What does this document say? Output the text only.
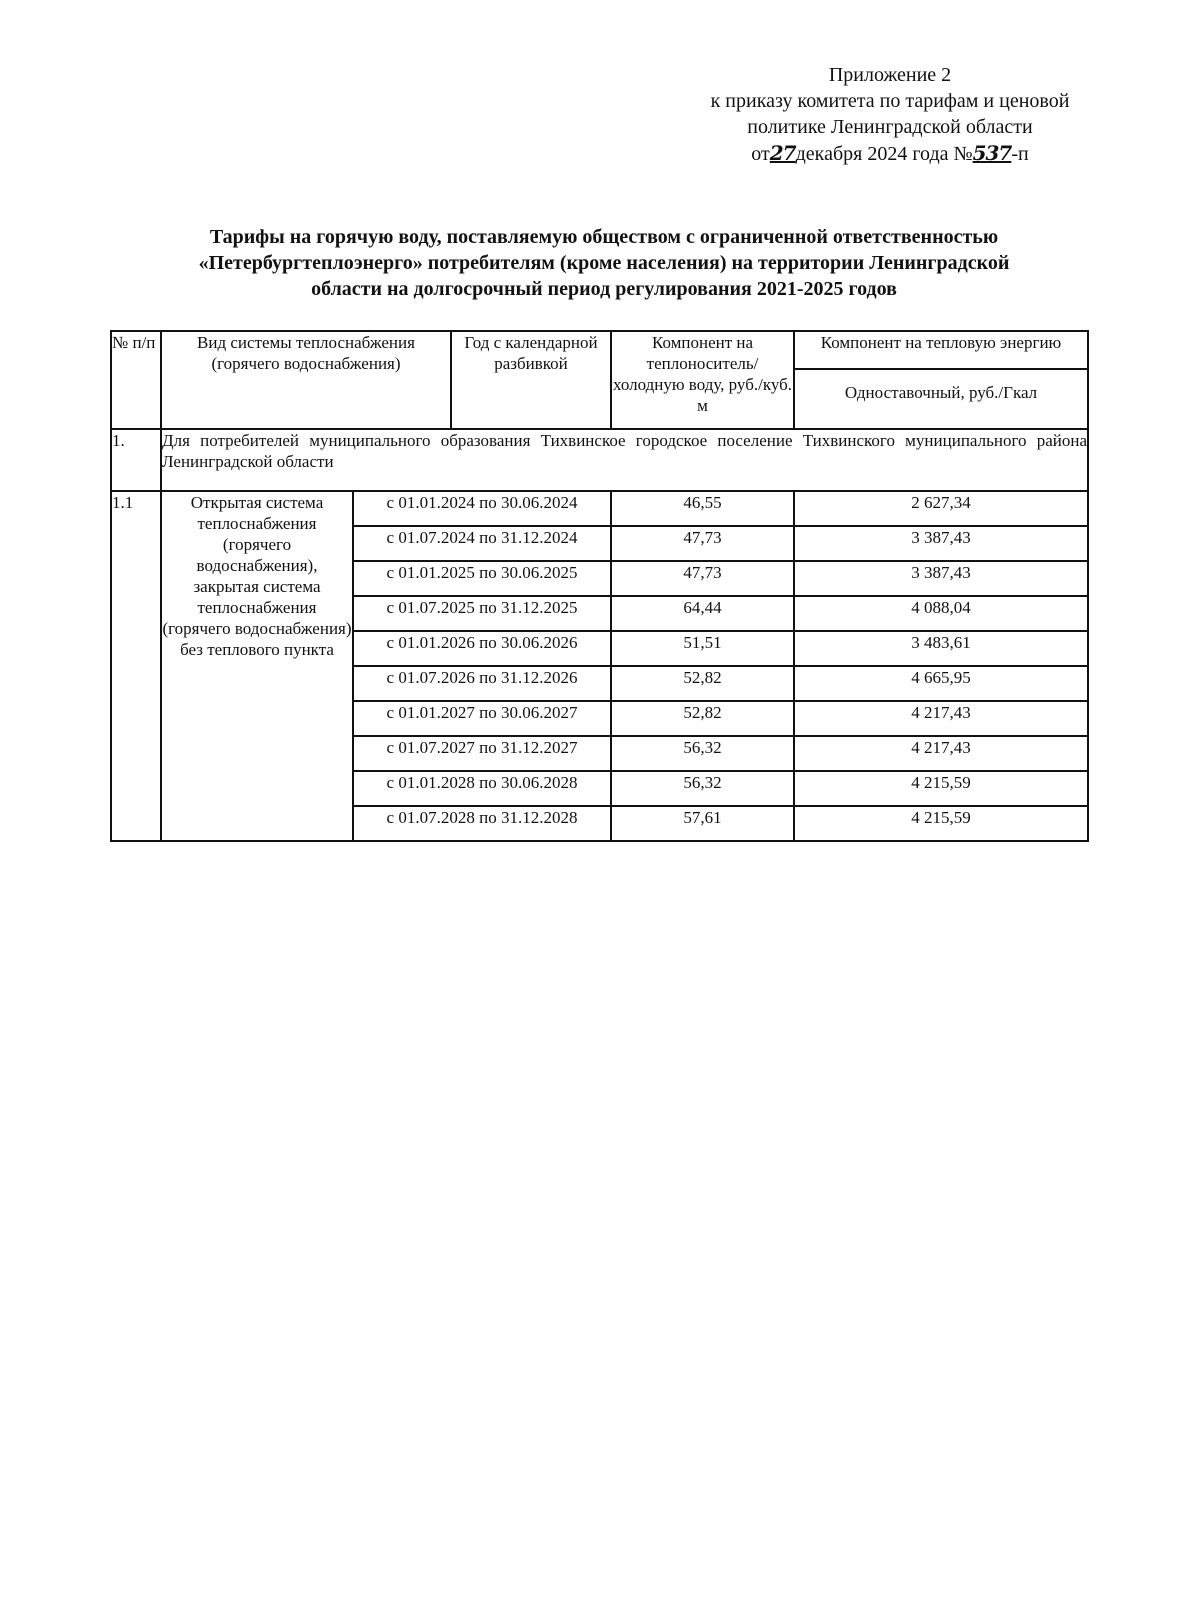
Приложение 2
к приказу комитета по тарифам и ценовой
политике Ленинградской области
от27декабря 2024 года №537-п
Тарифы на горячую воду, поставляемую обществом с ограниченной ответственностью
«Петербургтеплоэнерго» потребителям (кроме населения) на территории Ленинградской
области на долгосрочный период регулирования 2021-2025 годов
№ п/п	Вид системы теплоснабжения (горячего водоснабжения)		Год с календарной разбивкой	Компонент на теплоноситель/холодную воду, руб./куб. м	Компонент на тепловую энергию
					Одноставочный, руб./Гкал
1.	Для потребителей муниципального образования Тихвинское городское поселение Тихвинского муниципального района Ленинградской области				
1.1	Открытая система теплоснабжения (горячего водоснабжения), закрытая система теплоснабжения (горячего водоснабжения) без теплового пункта	с 01.01.2024 по 30.06.2024		46,55	2 627,34
		с 01.07.2024 по 31.12.2024		47,73	3 387,43
		с 01.01.2025 по 30.06.2025		47,73	3 387,43
		с 01.07.2025 по 31.12.2025		64,44	4 088,04
		с 01.01.2026 по 30.06.2026		51,51	3 483,61
		с 01.07.2026 по 31.12.2026		52,82	4 665,95
		с 01.01.2027 по 30.06.2027		52,82	4 217,43
		с 01.07.2027 по 31.12.2027		56,32	4 217,43
		с 01.01.2028 по 30.06.2028		56,32	4 215,59
		с 01.07.2028 по 31.12.2028		57,61	4 215,59
